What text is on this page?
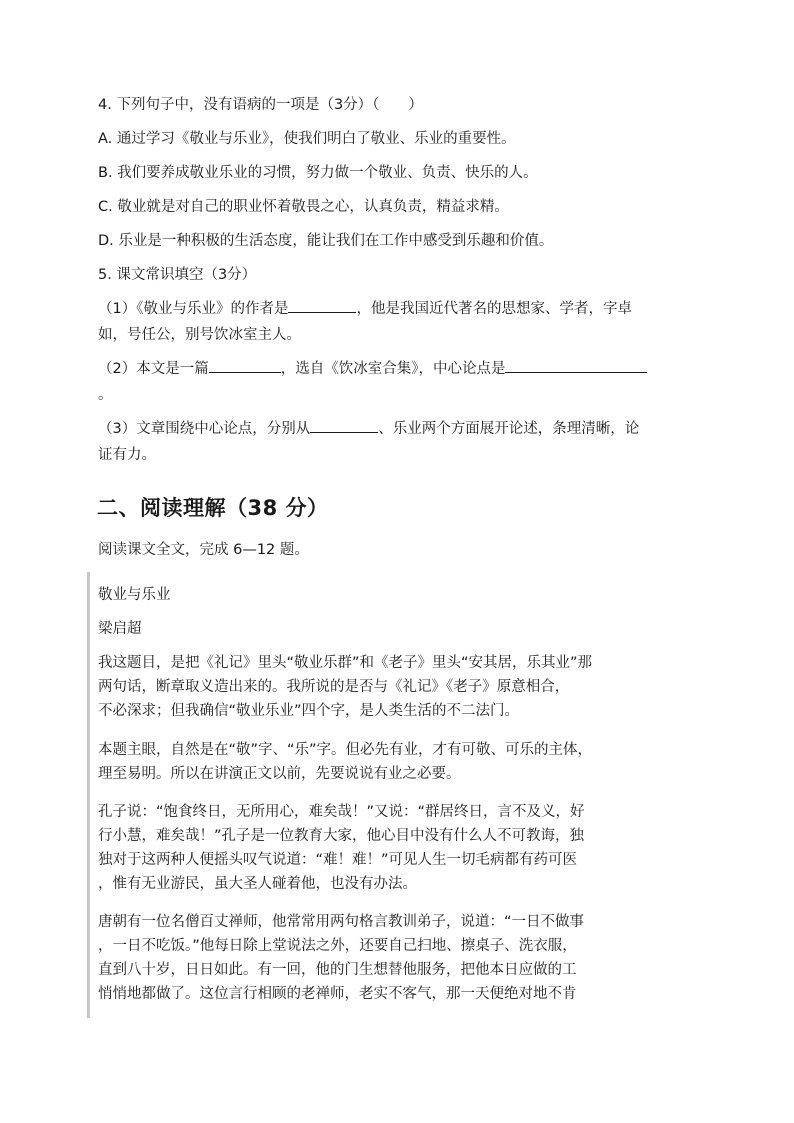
4. 下列句子中，没有语病的一项是（3分）（　　）
A. 通过学习《敬业与乐业》，使我们明白了敬业、乐业的重要性。
B. 我们要养成敬业乐业的习惯，努力做一个敬业、负责、快乐的人。
C. 敬业就是对自己的职业怀着敬畏之心，认真负责，精益求精。
D. 乐业是一种积极的生活态度，能让我们在工作中感受到乐趣和价值。
5. 课文常识填空（3分）
（1）《敬业与乐业》的作者是	，他是我国近代著名的思想家、学者，字卓
如，号任公，别号饮冰室主人。
（2）本文是一篇	，选自《饮冰室合集》，中心论点是
。
（3）文章围绕中心论点，分别从	、乐业两个方面展开论述，条理清晰，论
证有力。
二、阅读理解（38 分）
阅读课文全文，完成 6—12 题。
敬业与乐业
梁启超
我这题目，是把《礼记》里头“敬业乐群”和《老子》里头“安其居，乐其业”那
两句话，断章取义造出来的。我所说的是否与《礼记》《老子》原意相合，
不必深求；但我确信“敬业乐业”四个字，是人类生活的不二法门。
本题主眼，自然是在“敬”字、“乐”字。但必先有业，才有可敬、可乐的主体，
理至易明。所以在讲演正文以前，先要说说有业之必要。
孔子说：“饱食终日，无所用心，难矣哉！”又说：“群居终日，言不及义，好
行小慧，难矣哉！”孔子是一位教育大家，他心目中没有什么人不可教诲，独
独对于这两种人便摇头叹气说道：“难！难！”可见人生一切毛病都有药可医
，惟有无业游民，虽大圣人碰着他，也没有办法。
唐朝有一位名僧百丈禅师，他常常用两句格言教训弟子，说道：“一日不做事
，一日不吃饭。”他每日除上堂说法之外，还要自己扫地、擦桌子、洗衣服，
直到八十岁，日日如此。有一回，他的门生想替他服务，把他本日应做的工
悄悄地都做了。这位言行相顾的老禅师，老实不客气，那一天便绝对地不肯
